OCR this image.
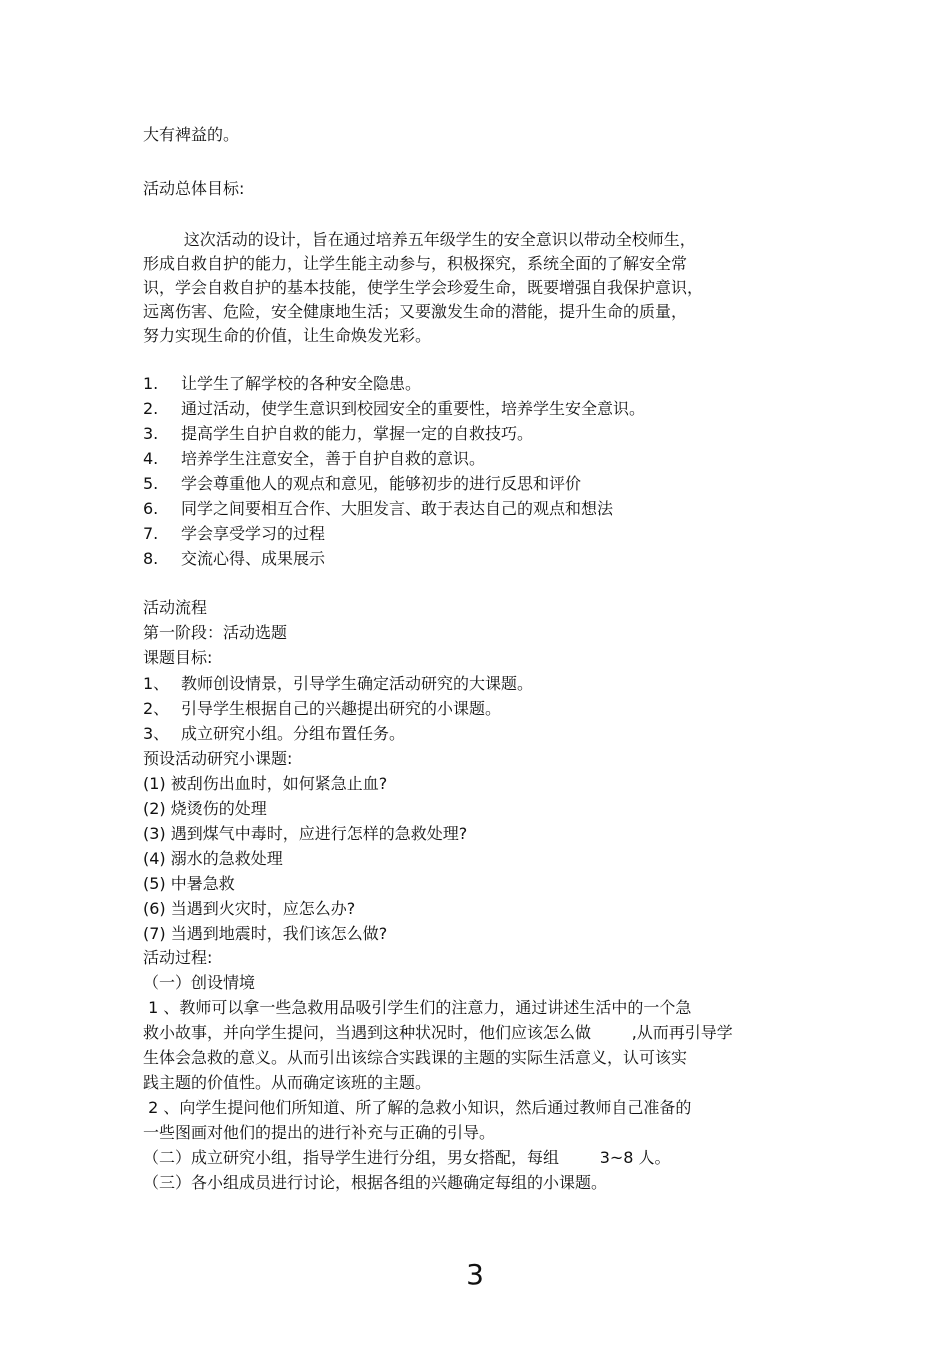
大有裨益的。
活动总体目标:
这次活动的设计，旨在通过培养五年级学生的安全意识以带动全校师生，
形成自救自护的能力，让学生能主动参与，积极探究，系统全面的了解安全常
识，学会自救自护的基本技能，使学生学会珍爱生命，既要增强自我保护意识，
远离伤害、危险，安全健康地生活；又要激发生命的潜能，提升生命的质量，
努力实现生命的价值，让生命焕发光彩。
1. 让学生了解学校的各种安全隐患。
2. 通过活动，使学生意识到校园安全的重要性，培养学生安全意识。
3. 提高学生自护自救的能力，掌握一定的自救技巧。
4. 培养学生注意安全，善于自护自救的意识。
5. 学会尊重他人的观点和意见，能够初步的进行反思和评价
6. 同学之间要相互合作、大胆发言、敢于表达自己的观点和想法
7. 学会享受学习的过程
8. 交流心得、成果展示
活动流程
第一阶段：活动选题
课题目标:
1、 教师创设情景，引导学生确定活动研究的大课题。
2、 引导学生根据自己的兴趣提出研究的小课题。
3、 成立研究小组。分组布置任务。
预设活动研究小课题:
(1) 被刮伤出血时，如何紧急止血?
(2) 烧烫伤的处理
(3) 遇到煤气中毒时，应进行怎样的急救处理?
(4) 溺水的急救处理
(5) 中暑急救
(6) 当遇到火灾时，应怎么办?
(7) 当遇到地震时，我们该怎么做?
活动过程:
（一）创设情境
1 、教师可以拿一些急救用品吸引学生们的注意力，通过讲述生活中的一个急
救小故事，并向学生提问，当遇到这种状况时，他们应该怎么做        ,从而再引导学
生体会急救的意义。从而引出该综合实践课的主题的实际生活意义，认可该实
践主题的价值性。从而确定该班的主题。
2 、向学生提问他们所知道、所了解的急救小知识，然后通过教师自己准备的
一些图画对他们的提出的进行补充与正确的引导。
（二）成立研究小组，指导学生进行分组，男女搭配，每组        3~8 人。
（三）各小组成员进行讨论，根据各组的兴趣确定每组的小课题。
3
